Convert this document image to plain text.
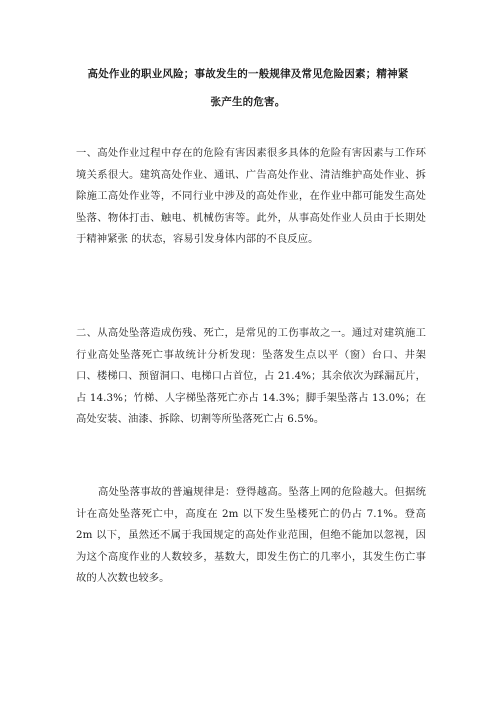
高处作业的职业风险；事故发生的一般规律及常见危险因素；精神紧
张产生的危害。

一、高处作业过程中存在的危险有害因素很多具体的危险有害因素与工作环境关系很大。建筑高处作业、通讯、广告高处作业、清洁维护高处作业、拆除施工高处作业等，不同行业中涉及的高处作业，在作业中都可能发生高处坠落、物体打击、触电、机械伤害等。此外，从事高处作业人员由于长期处于精神紧张 的状态，容易引发身体内部的不良反应。

二、从高处坠落造成伤残、死亡，是常见的工伤事故之一。通过对建筑施工行业高处坠落死亡事故统计分析发现：坠落发生点以平（窗）台口、井架口、楼梯口、预留洞口、电梯口占首位，占 21.4%；其余依次为踩漏瓦片，占 14.3%；竹梯、人字梯坠落死亡亦占 14.3%；脚手架坠落占 13.0%；在高处安装、油漆、拆除、切割等所坠落死亡占 6.5%。

高处坠落事故的普遍规律是：登得越高。坠落上网的危险越大。但据统计在高处坠落死亡中，高度在 2m 以下发生坠楼死亡的仍占 7.1%。登高 2m 以下，虽然还不属于我国规定的高处作业范围，但绝不能加以忽视，因为这个高度作业的人数较多，基数大，即发生伤亡的几率小，其发生伤亡事故的人次数也较多。
